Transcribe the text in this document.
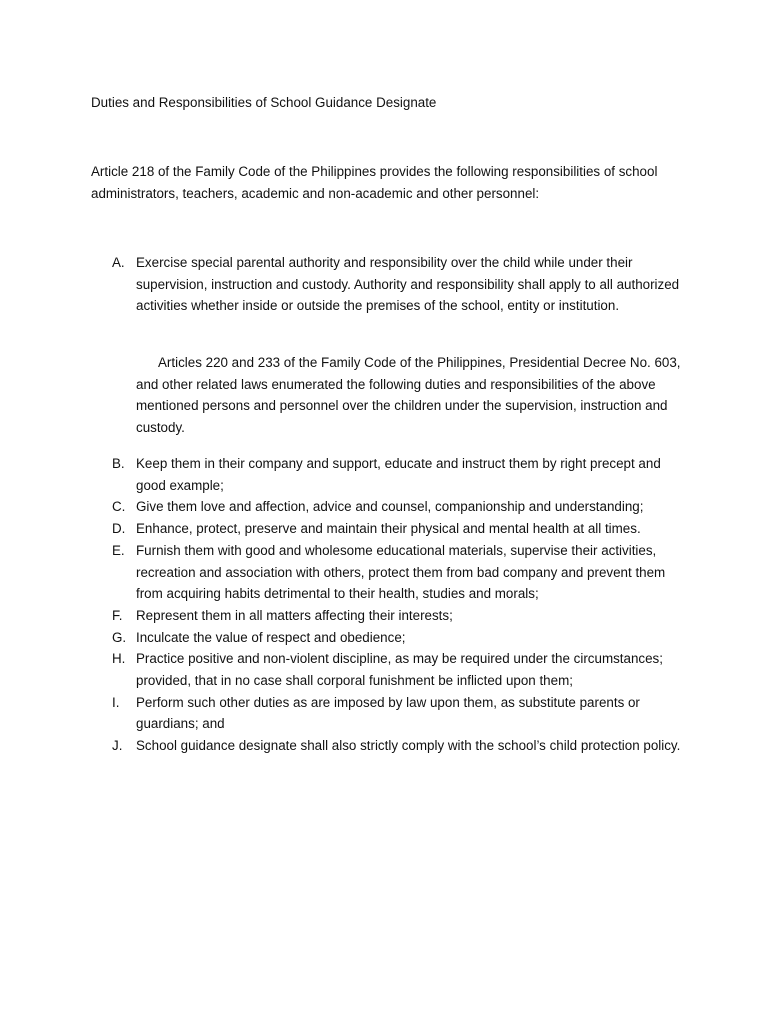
Duties and Responsibilities of School Guidance Designate

Article 218 of the Family Code of the Philippines provides the following responsibilities of school administrators, teachers, academic and non-academic and other personnel:

A. Exercise special parental authority and responsibility over the child while under their supervision, instruction and custody. Authority and responsibility shall apply to all authorized activities whether inside or outside the premises of the school, entity or institution.

Articles 220 and 233 of the Family Code of the Philippines, Presidential Decree No. 603, and other related laws enumerated the following duties and responsibilities of the above mentioned persons and personnel over the children under the supervision, instruction and custody.

B. Keep them in their company and support, educate and instruct them by right precept and good example;
C. Give them love and affection, advice and counsel, companionship and understanding;
D. Enhance, protect, preserve and maintain their physical and mental health at all times.
E. Furnish them with good and wholesome educational materials, supervise their activities, recreation and association with others, protect them from bad company and prevent them from acquiring habits detrimental to their health, studies and morals;
F.	Represent them in all matters affecting their interests;
G. Inculcate the value of respect and obedience;
H. Practice positive and non-violent discipline, as may be required under the circumstances; provided, that in no case shall corporal funishment be inflicted upon them;
I.	Perform such other duties as are imposed by law upon them, as substitute parents or guardians; and
J.	School guidance designate shall also strictly comply with the school’s child protection policy.
